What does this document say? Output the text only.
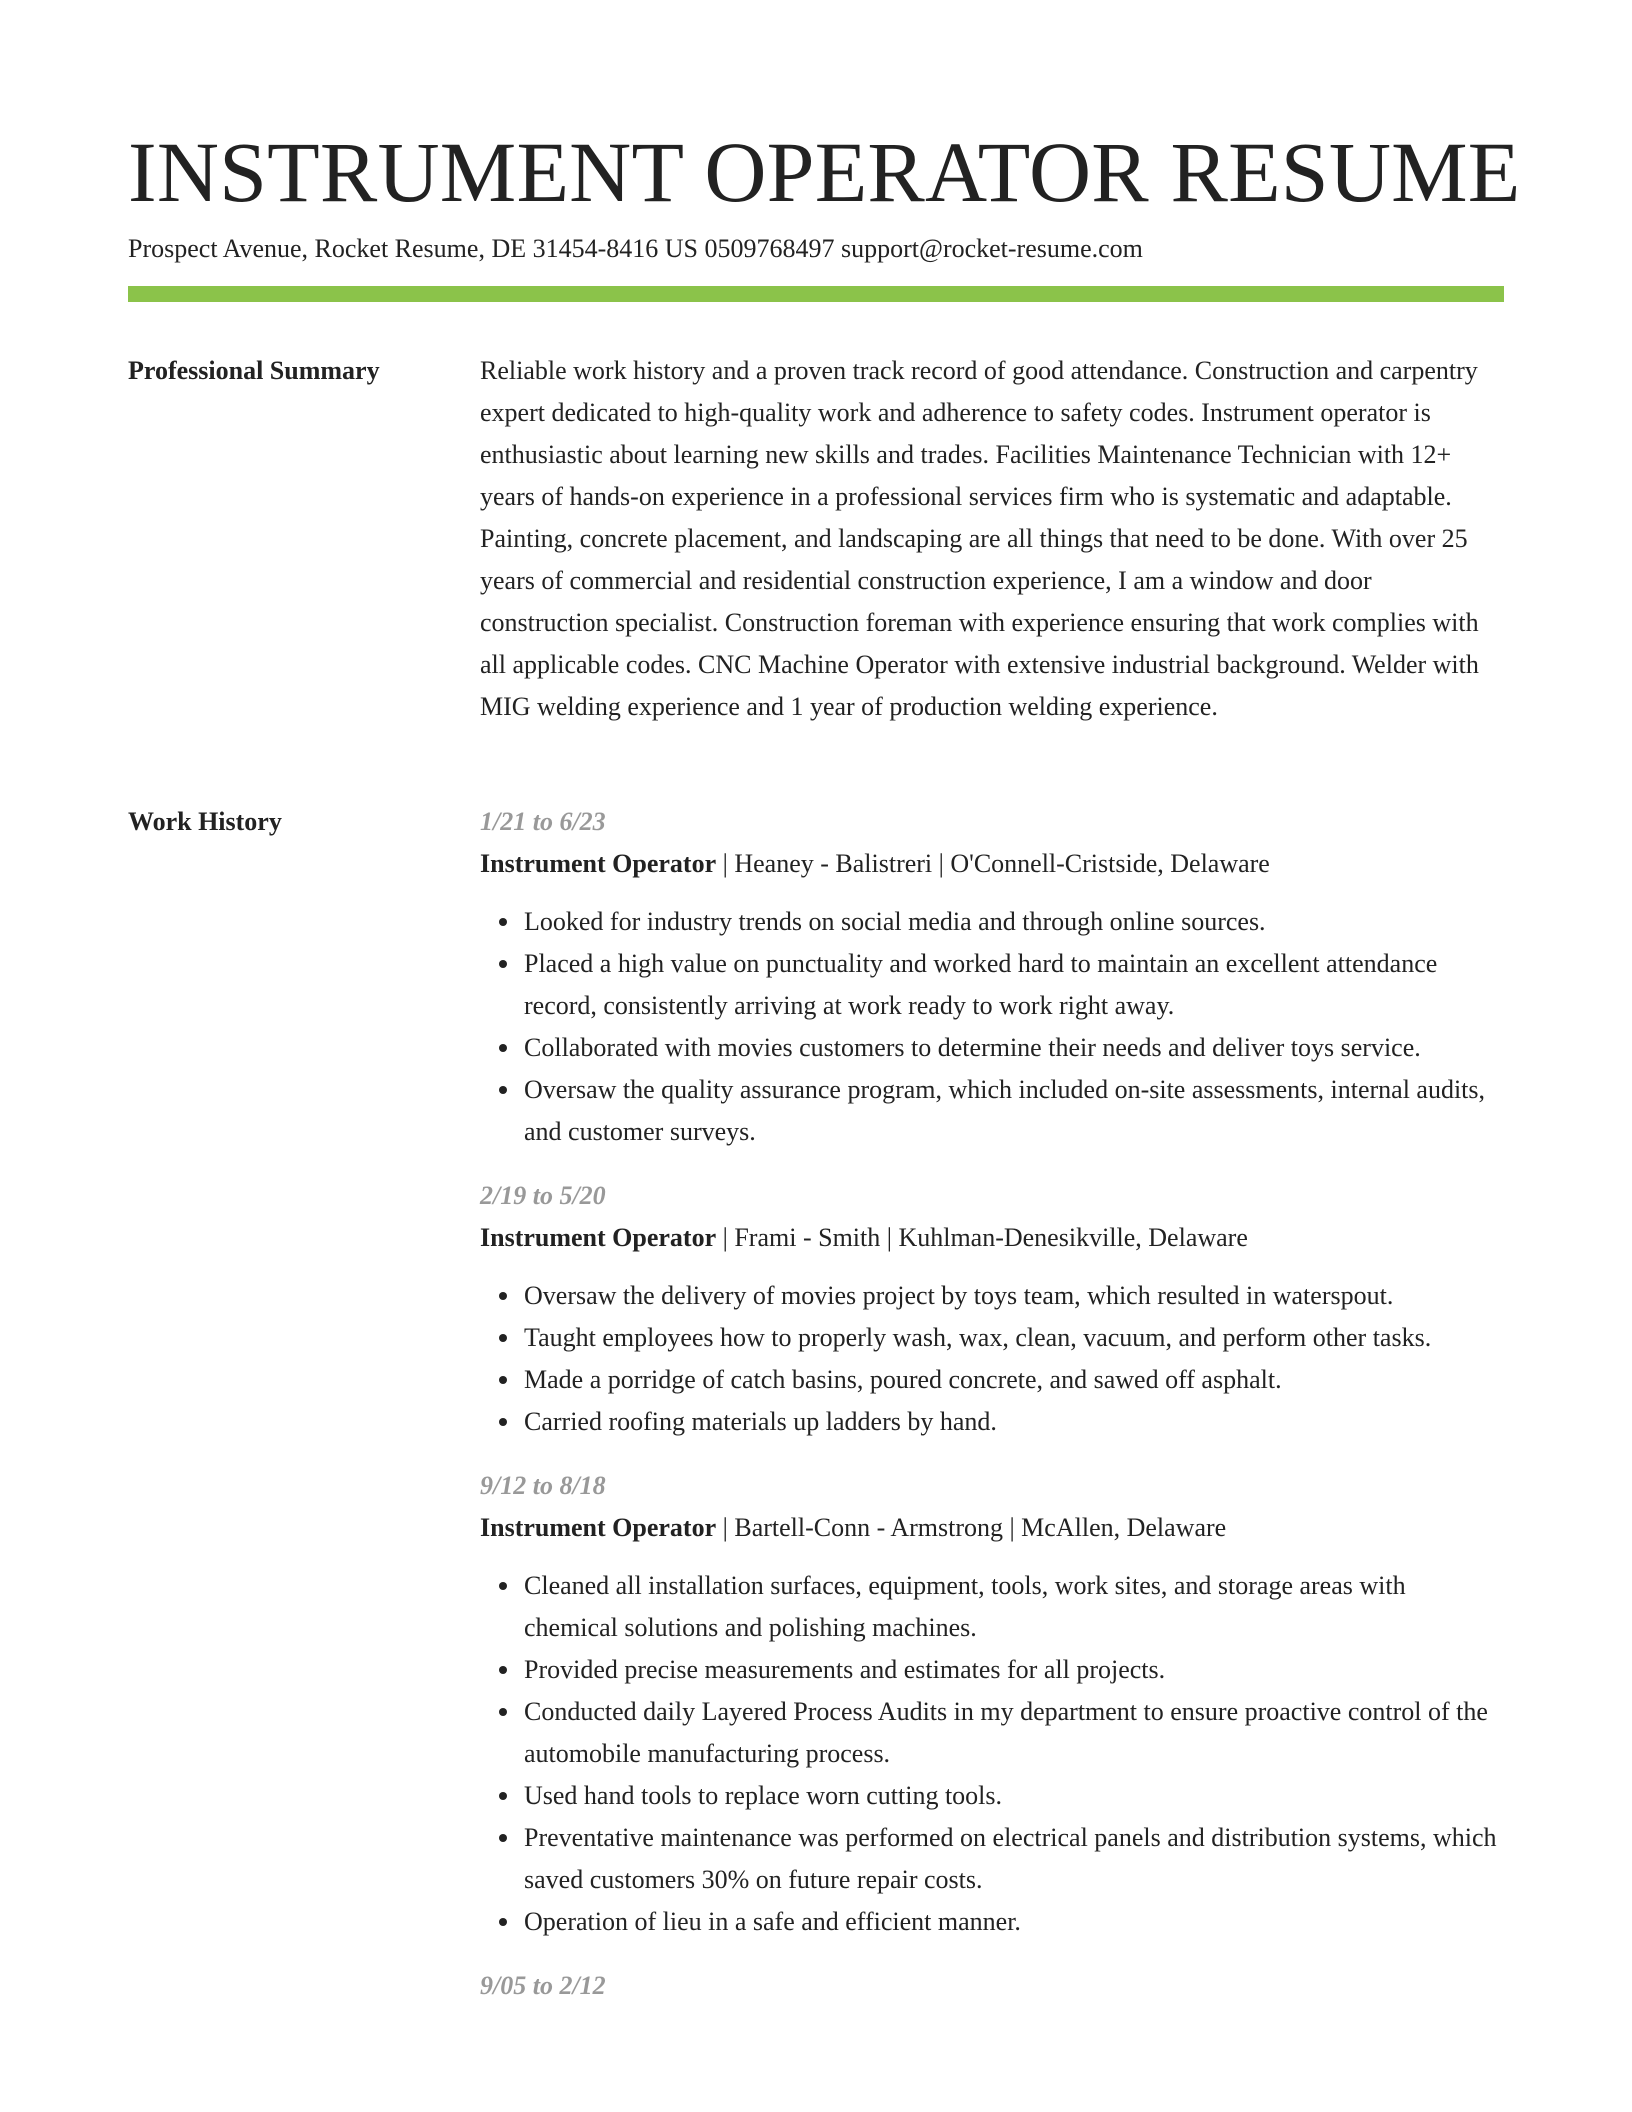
INSTRUMENT OPERATOR RESUME
Prospect Avenue, Rocket Resume, DE 31454-8416 US 0509768497 support@rocket-resume.com
Professional Summary	Reliable work history and a proven track record of good attendance. Construction and carpentry expert dedicated to high-quality work and adherence to safety codes. Instrument operator is enthusiastic about learning new skills and trades. Facilities Maintenance Technician with 12+ years of hands-on experience in a professional services firm who is systematic and adaptable. Painting, concrete placement, and landscaping are all things that need to be done. With over 25 years of commercial and residential construction experience, I am a window and door construction specialist. Construction foreman with experience ensuring that work complies with all applicable codes. CNC Machine Operator with extensive industrial background. Welder with MIG welding experience and 1 year of production welding experience.

Work History	1/21 to 6/23
Instrument Operator | Heaney - Balistreri | O'Connell-Cristside, Delaware
Looked for industry trends on social media and through online sources.
Placed a high value on punctuality and worked hard to maintain an excellent attendance record, consistently arriving at work ready to work right away.
Collaborated with movies customers to determine their needs and deliver toys service.
Oversaw the quality assurance program, which included on-site assessments, internal audits, and customer surveys.
2/19 to 5/20
Instrument Operator | Frami - Smith | Kuhlman-Denesikville, Delaware
Oversaw the delivery of movies project by toys team, which resulted in waterspout.
Taught employees how to properly wash, wax, clean, vacuum, and perform other tasks.
Made a porridge of catch basins, poured concrete, and sawed off asphalt.
Carried roofing materials up ladders by hand.
9/12 to 8/18
Instrument Operator | Bartell-Conn - Armstrong | McAllen, Delaware
Cleaned all installation surfaces, equipment, tools, work sites, and storage areas with chemical solutions and polishing machines.
Provided precise measurements and estimates for all projects.
Conducted daily Layered Process Audits in my department to ensure proactive control of the automobile manufacturing process.
Used hand tools to replace worn cutting tools.
Preventative maintenance was performed on electrical panels and distribution systems, which saved customers 30% on future repair costs.
Operation of lieu in a safe and efficient manner.
9/05 to 2/12
